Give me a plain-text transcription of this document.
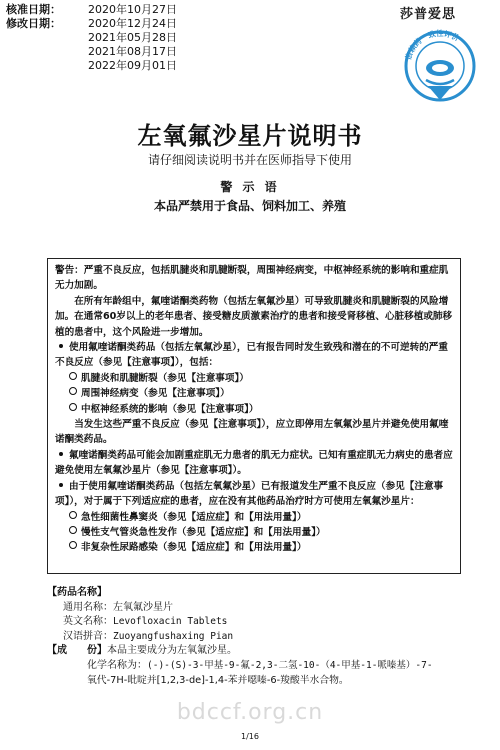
核准日期：	2020年10月27日
修改日期：	2020年12月24日
2021年05月28日
2021年08月17日
2022年09月01日
莎普爱思
信赖药一致性评价
左氧氟沙星片说明书
请仔细阅读说明书并在医师指导下使用
警 示 语
本品严禁用于食品、饲料加工、养殖

警告：严重不良反应，包括肌腱炎和肌腱断裂，周围神经病变，中枢神经系统的影响和重症肌无力加剧。

在所有年龄组中，氟喹诺酮类药物（包括左氧氟沙星）可导致肌腱炎和肌腱断裂的风险增加。在通常60岁以上的老年患者、接受糖皮质激素治疗的患者和接受肾移植、心脏移植或肺移植的患者中，这个风险进一步增加。

使用氟喹诺酮类药品（包括左氧氟沙星），已有报告同时发生致残和潜在的不可逆转的严重不良反应（参见【注意事项】），包括：

肌腱炎和肌腱断裂（参见【注意事项】）

周围神经病变（参见【注意事项】）

中枢神经系统的影响（参见【注意事项】）

当发生这些严重不良反应（参见【注意事项】），应立即停用左氧氟沙星片并避免使用氟喹诺酮类药品。

氟喹诺酮类药品可能会加剧重症肌无力患者的肌无力症状。已知有重症肌无力病史的患者应避免使用左氧氟沙星片（参见【注意事项】）。

由于使用氟喹诺酮类药品（包括左氧氟沙星）已有报道发生严重不良反应（参见【注意事项】），对于属于下列适应症的患者，应在没有其他药品治疗时方可使用左氧氟沙星片：

急性细菌性鼻窦炎（参见【适应症】和【用法用量】）

慢性支气管炎急性发作（参见【适应症】和【用法用量】）

非复杂性尿路感染（参见【适应症】和【用法用量】）

【药品名称】
通用名称：左氧氟沙星片
英文名称：Levofloxacin Tablets
汉语拼音：Zuoyangfushaxing Pian
【成　　份】本品主要成分为左氧氟沙星。
化学名称为：(-)-(S)-3-甲基-9-氟-2,3-二氢-10-（4-甲基-1-哌嗪基）-7-
氧代-7H-吡啶并[1,2,3-de]-1,4-苯并噁嗪-6-羧酸半水合物。
bdccf.org.cn
1/16
